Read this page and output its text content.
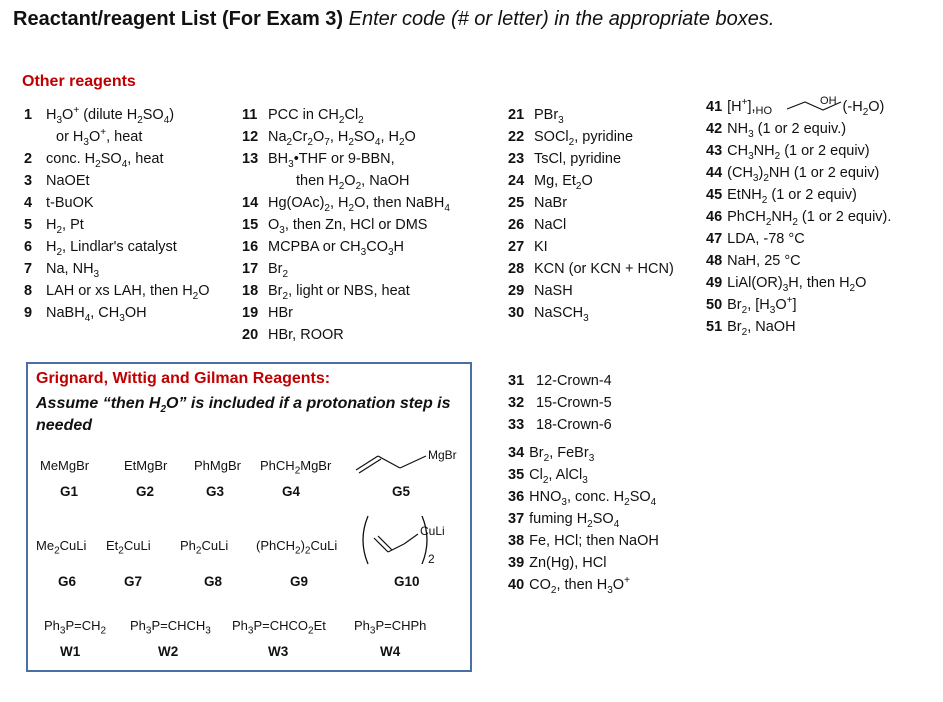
Reactant/reagent List (For Exam 3) Enter code (# or letter) in the appropriate boxes.
Other reagents
1 $H_3O^+$ (dilute $H_2SO_4$)
or $H_3O^+$, heat
2 conc. $H_2SO_4$, heat
3 NaOEt
4 t-BuOK
5 $H_2$, Pt
6 $H_2$, Lindlar's catalyst
7 Na, $NH_3$
8 LAH or xs LAH, then $H_2O$
9 NaBH$_4$, $CH_3OH$
11 PCC in $CH_2Cl_2$
12 $Na_2Cr_2O_7$, $H_2SO_4$, $H_2O$
13 $BH_3•THF$ or 9-BBN,
then $H_2O_2$, NaOH
14 $Hg(OAc)_2$, $H_2O$, then NaBH$_4$
15 $O_3$, then Zn, HCl or DMS
16 MCPBA or $CH_3CO_3H$
17 $Br_2$
18 $Br_2$, light or NBS, heat
19 HBr
20 HBr, ROOR
21 PBr$_3$
22 SOCl$_2$, pyridine
23 TsCl, pyridine
24 Mg, $Et_2O$
25 NaBr
26 NaCl
27 KI
28 KCN (or KCN + HCN)
29 NaSH
30 NaSCH$_3$
41 [H+], HO
OH $(-H_2O)$
42 $NH_3$ (1 or 2 equiv.)
43 $CH_3NH_2$ (1 or 2 equiv)
44 $(CH_3)_2NH$ (1 or 2 equiv)
45 EtNH$_2$ (1 or 2 equiv)
46 $PhCH_2NH_2$ (1 or 2 equiv).
47 LDA, -78 °C
48 NaH, 25 °C
49 $LiAl(OR)_3H$, then $H_2O$
50 $Br_2$, $[H_3O^+]$
51 $Br_2$, NaOH
31 12-Crown-4
32 15-Crown-5
33 18-Crown-6
34 $Br_2$, FeBr$_3$
35 $Cl_2$, AlCl$_3$
36 $HNO_3$, conc. $H_2SO_4$
37 fuming $H_2SO_4$
38 Fe, HCl; then NaOH
39 Zn(Hg), HCl
40 $CO_2$, then $H_3O^+$
Grignard, Wittig and Gilman Reagents:
Assume “then $H_2O$” is included if a protonation step is needed
MeMgBr	EtMgBr PhMgBr PhCH$_2$MgBr
MgBr
G1	G2	G3	G4	G5
$Me_2CuLi$ $Et_2CuLi$ $Ph_2CuLi$ $(PhCH_2)_2CuLi$
CuLi
2
G6	G7	G8	G9	G10
$Ph_3P=CH_2$ $Ph_3P=CHCH_3$ $Ph_3P=CHCO_2Et$ $Ph_3P=CHPh$
W1	W2	W3	W4
